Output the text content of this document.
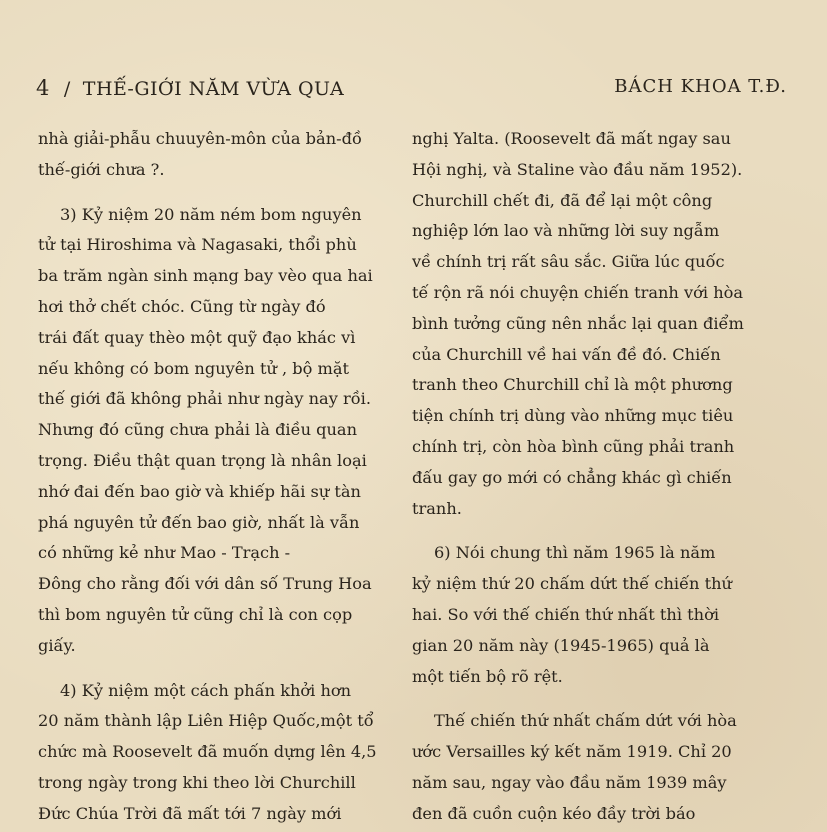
4 / THẾ-GIỚI NĂM VỪA QUA	BÁCH KHOA T.Đ.

nhà giải-phẫu chuuyên-môn của bản-đồ
thế-giới chưa ?.

3) Kỷ niệm 20 năm ném bom nguyên
tử tại Hiroshima và Nagasaki, thổi phù
ba trăm ngàn sinh mạng bay vèo qua hai
hơi thở chết chóc. Cũng từ ngày đó
trái đất quay thèo một quỹ đạo khác vì
nếu không có bom nguyên tử , bộ mặt
thế giới đã không phải như ngày nay rồi.
Nhưng đó cũng chưa phải là điều quan
trọng. Điều thật quan trọng là nhân loại
nhớ đai đến bao giờ và khiếp hãi sự tàn
phá nguyên tử đến bao giờ, nhất là vẫn
có những kẻ như Mao - Trạch -
Đông cho rằng đối với dân số Trung Hoa
thì bom nguyên tử cũng chỉ là con cọp
giấy.

4) Kỷ niệm một cách phấn khởi hơn
20 năm thành lập Liên Hiệp Quốc,một tổ
chức mà Roosevelt đã muốn dựng lên 4,5
trong ngày trong khi theo lời Churchill
Đức Chúa Trời đã mất tới 7 ngày mới

nghị Yalta. (Roosevelt đã mất ngay sau
Hội nghị, và Staline vào đầu năm 1952).
Churchill chết đi, đã để lại một công
nghiệp lớn lao và những lời suy ngẫm
về chính trị rất sâu sắc. Giữa lúc quốc
tế rộn rã nói chuyện chiến tranh với hòa
bình tưởng cũng nên nhắc lại quan điểm
của Churchill về hai vấn đề đó. Chiến
tranh theo Churchill chỉ là một phương
tiện chính trị dùng vào những mục tiêu
chính trị, còn hòa bình cũng phải tranh
đấu gay go mới có chẳng khác gì chiến
tranh.

6) Nói chung thì năm 1965 là năm
kỷ niệm thứ 20 chấm dứt thế chiến thứ
hai. So với thế chiến thứ nhất thì thời
gian 20 năm này (1945-1965) quả là
một tiến bộ rõ rệt.

Thế chiến thứ nhất chấm dứt với hòa
ước Versailles ký kết năm 1919. Chỉ 20
năm sau, ngay vào đầu năm 1939 mây
đen đã cuồn cuộn kéo đầy trời báo
